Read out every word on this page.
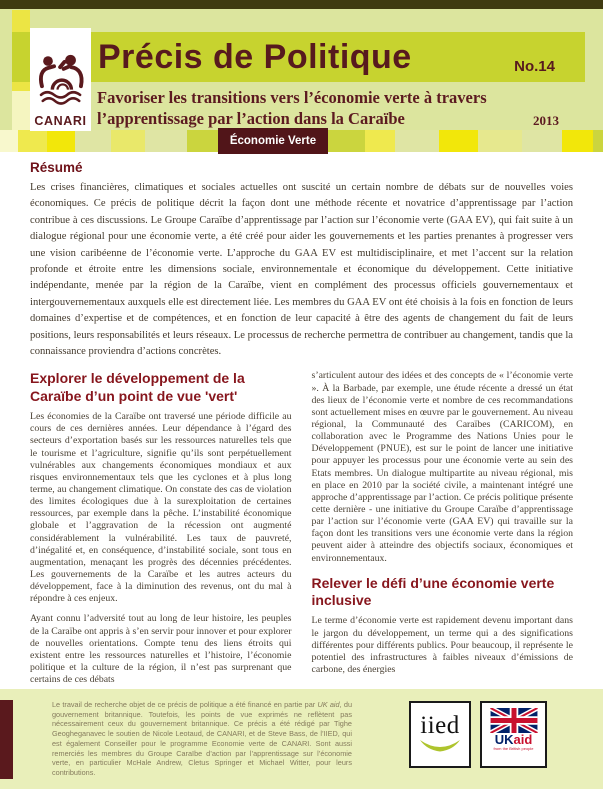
Précis de Politique	No.14
CANARI

Favoriser les transitions vers l’économie verte à travers l’apprentissage par l’action dans la Caraïbe	2013
Économie Verte
Résumé

Les crises financières, climatiques et sociales actuelles ont suscité un certain nombre de débats sur de nouvelles voies économiques. Ce précis de politique décrit la façon dont une méthode récente et novatrice d’apprentissage par l’action contribue à ces discussions. Le Groupe Caraïbe d’apprentissage par l’action sur l’économie verte (GAA EV), qui fait suite à un dialogue régional pour une économie verte, a été créé pour aider les gouvernements et les parties prenantes à progresser vers une vision caribéenne de l’économie verte. L’approche du GAA EV est multidisciplinaire, et met l’accent sur la relation profonde et étroite entre les dimensions sociale, environnementale et économique du développement. Cette initiative indépendante, menée par la région de la Caraïbe, vient en complément des processus officiels gouvernementaux et intergouvernementaux auxquels elle est directement liée. Les membres du GAA EV ont été choisis à la fois en fonction de leurs domaines d’expertise et de compétences, et en fonction de leur capacité à être des agents de changement du fait de leurs positions, leurs responsabilités et leurs réseaux. Le processus de recherche permettra de contribuer au changement, tandis que la connaissance proviendra d’actions concrètes.

Explorer le développement de la Caraïbe d’un point de vue 'vert'

Les économies de la Caraïbe ont traversé une période difficile au cours de ces dernières années. Leur dépendance à l’égard des secteurs d’exportation basés sur les ressources naturelles tels que le tourisme et l’agriculture, signifie qu’ils sont perpétuellement vulnérables aux changements économiques mondiaux et aux risques environnementaux tels que les cyclones et à plus long terme, au changement climatique. On constate des cas de violation des limites écologiques due à la surexploitation de certaines ressources, par exemple dans la pêche. L’instabilité économique globale et l’aggravation de la récession ont augmenté considérablement la vulnérabilité. Les taux de pauvreté, d’inégalité et, en conséquence, d’instabilité sociale, sont tous en augmentation, menaçant les progrès des décennies précédentes. Les gouvernements de la Caraïbe et les autres acteurs du développement, face à la diminution des revenus, ont du mal à répondre à ces enjeux.

Ayant connu l’adversité tout au long de leur histoire, les peuples de la Caraïbe ont appris à s’en servir pour innover et pour explorer de nouvelles orientations. Compte tenu des liens étroits qui existent entre les ressources naturelles et l’histoire, l’économie politique et la culture de la région, il n’est pas surprenant que certains de ces débats

s’articulent autour des idées et des concepts de « l’économie verte ». À la Barbade, par exemple, une étude récente a dressé un état des lieux de l’économie verte et nombre de ces recommandations sont actuellement mises en œuvre par le gouvernement. Au niveau régional, la Communauté des Caraïbes (CARICOM), en collaboration avec le Programme des Nations Unies pour le Développement (PNUE), est sur le point de lancer une initiative pour appuyer les processus pour une économie verte au sein des Etats membres. Un dialogue multipartite au niveau régional, mis en place en 2010 par la société civile, a maintenant intégré une approche d’apprentissage par l’action. Ce précis politique présente cette dernière - une initiative du Groupe Caraïbe d’apprentissage par l’action sur l’économie verte (GAA EV) qui travaille sur la façon dont les transitions vers une économie verte dans la région peuvent aider à atteindre des objectifs sociaux, économiques et environnementaux.

Relever le défi d’une économie verte inclusive

Le terme d’économie verte est rapidement devenu important dans le jargon du développement, un terme qui a des significations différentes pour différents publics. Pour beaucoup, il représente le potentiel des infrastructures à faibles niveaux d’émissions de carbone, des énergies

Le travail de recherche objet de ce précis de politique a été financé en partie par UK aid, du gouvernement britannique. Toutefois, les points de vue exprimés ne reflètent pas nécessairement ceux du gouvernement britannique. Ce précis a été rédigé par Tighe Geogheganavec le soutien de Nicole Leotaud, de CANARI, et de Steve Bass, de l’IIED, qui est également Conseiller pour le programme Economie verte de CANARI. Sont aussi remerciés les membres du Groupe Caraïbe d’action par l’apprentissage sur l’économie verte, en particulier McHale Andrew, Cletus Springer et Michael Witter, pour leurs contributions.

iied
UKaid
from the British people
